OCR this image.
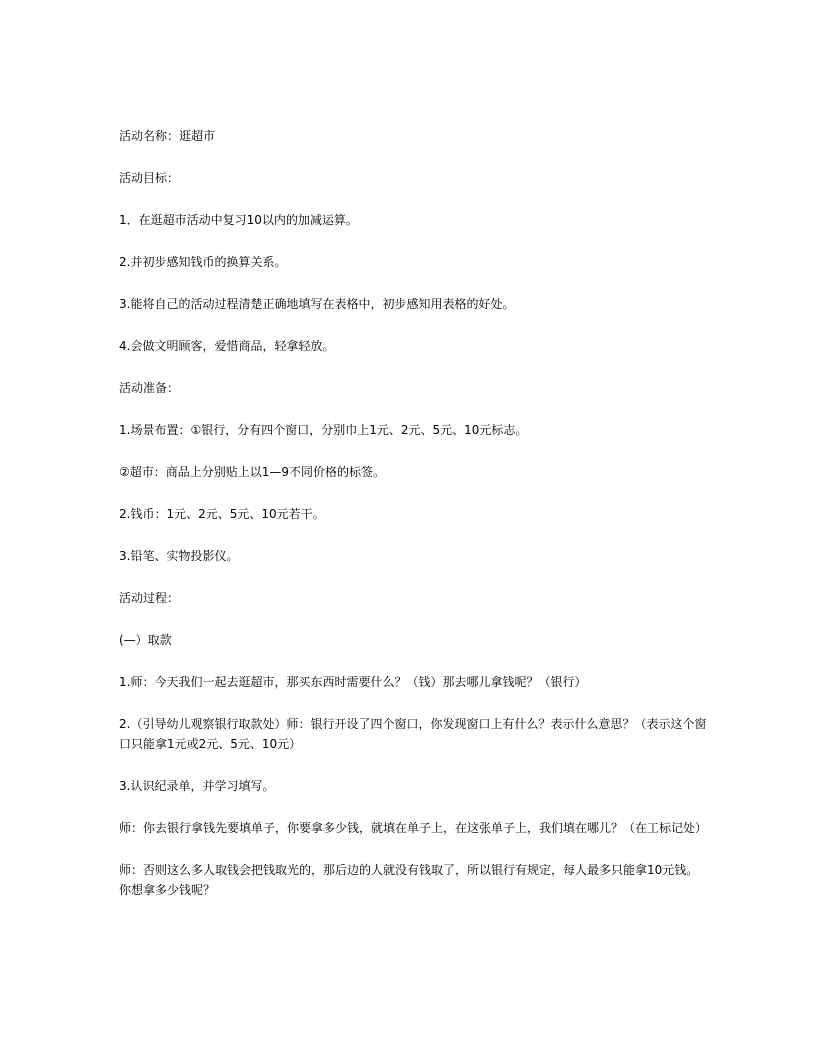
活动名称：逛超市

活动目标：

1．在逛超市活动中复习10以内的加减运算。

2.并初步感知钱币的换算关系。

3.能将自己的活动过程清楚正确地填写在表格中，初步感知用表格的好处。

4.会做文明顾客，爱惜商品，轻拿轻放。

活动准备：

1.场景布置：①银行，分有四个窗口，分别巾上1元、2元、5元、10元标志。

②超市：商品上分别贴上以1—9不同价格的标签。

2.钱币：1元、2元、5元、10元若干。

3.铅笔、实物投影仪。

活动过程：

(—）取款

1.师：今天我们一起去逛超市，那买东西时需要什么？（钱）那去哪儿拿钱呢？（银行）

2.（引导幼儿观察银行取款处）师：银行开设了四个窗口，你发现窗口上有什么？表示什么意思？（表示这个窗口只能拿1元或2元、5元、10元）

3.认识纪录单，并学习填写。

师：你去银行拿钱先要填单子，你要拿多少钱，就填在单子上，在这张单子上，我们填在哪儿？（在工标记处）

师：否则这么多人取钱会把钱取光的，那后边的人就没有钱取了，所以银行有规定，每人最多只能拿10元钱。你想拿多少钱呢？
